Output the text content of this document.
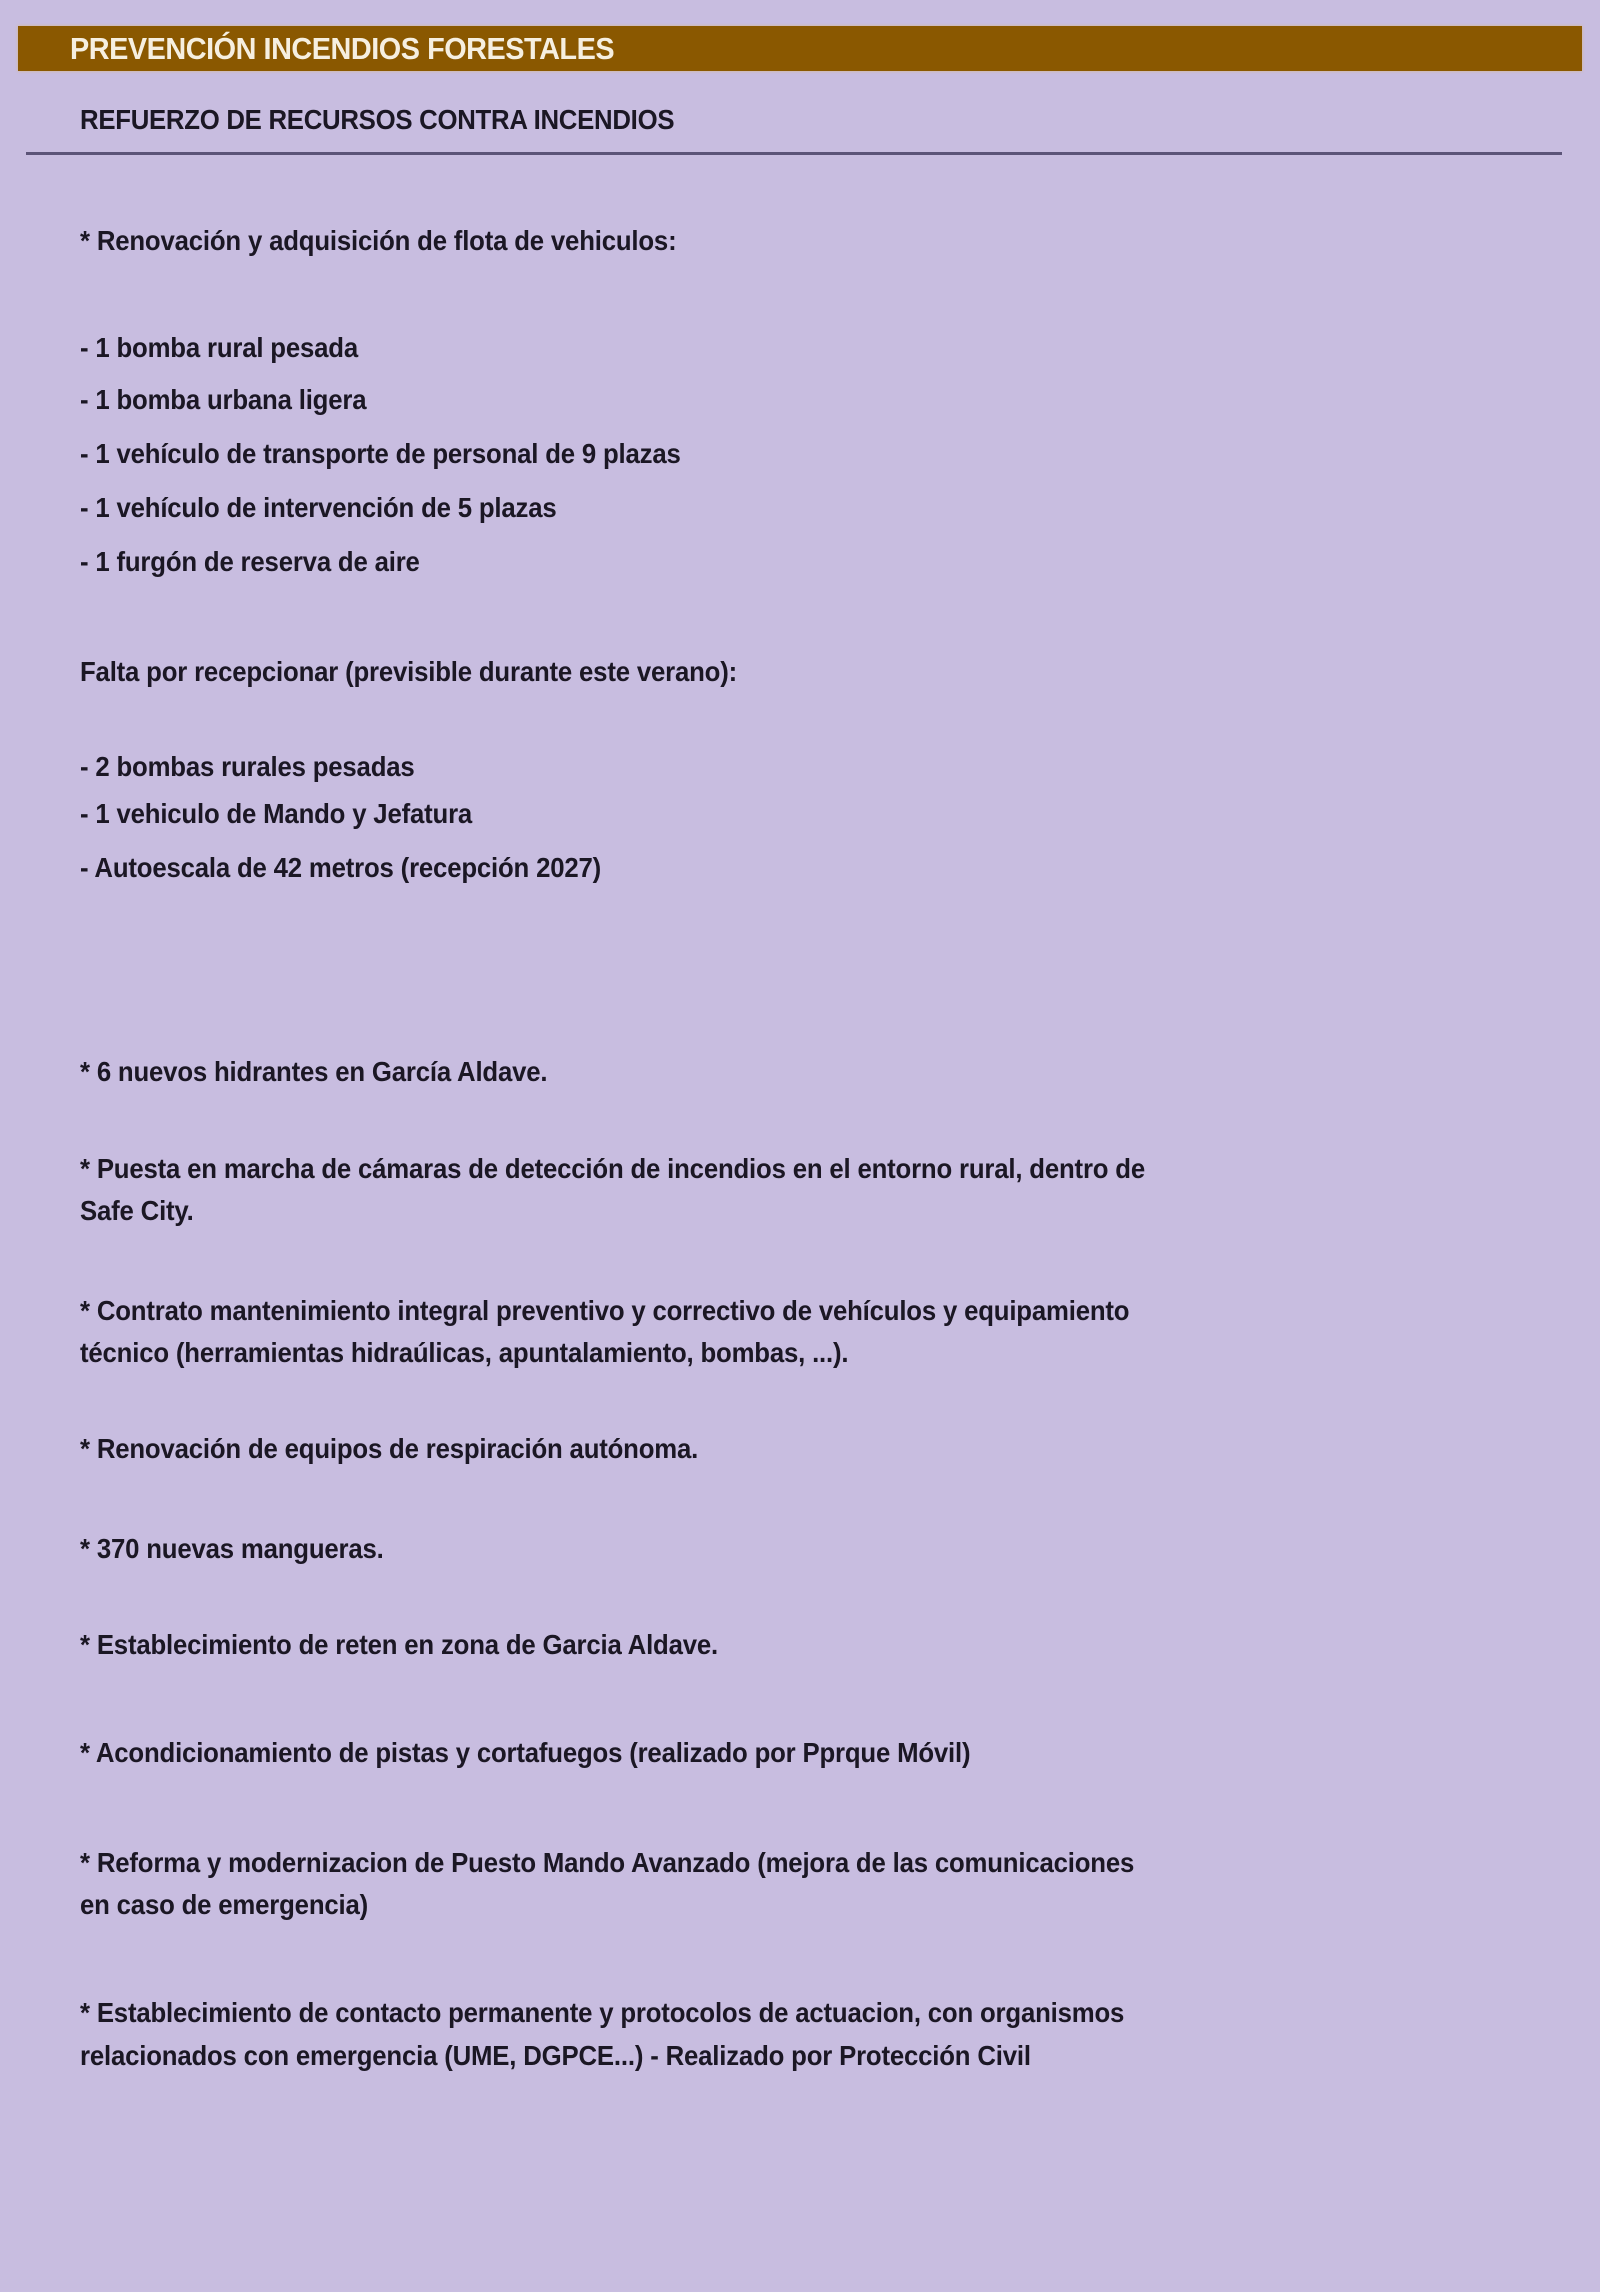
PREVENCIÓN INCENDIOS FORESTALES
REFUERZO DE RECURSOS CONTRA INCENDIOS
* Renovación y adquisición de flota de vehiculos:
- 1 bomba rural pesada
- 1 bomba urbana ligera
- 1 vehículo de transporte de personal de 9 plazas
- 1 vehículo de intervención de 5 plazas
- 1 furgón de reserva de aire
Falta por recepcionar (previsible durante este verano):
- 2 bombas rurales pesadas
- 1 vehiculo de Mando y Jefatura
- Autoescala de 42 metros (recepción 2027)
* 6 nuevos hidrantes en García Aldave.
* Puesta en marcha de cámaras de detección de incendios en el entorno rural, dentro de
Safe City.
* Contrato mantenimiento integral preventivo y correctivo de vehículos y equipamiento
técnico (herramientas hidraúlicas, apuntalamiento, bombas, ...).
* Renovación de equipos de respiración autónoma.
* 370 nuevas mangueras.
* Establecimiento de reten en zona de Garcia Aldave.
* Acondicionamiento de pistas y cortafuegos (realizado por Pprque Móvil)
* Reforma y modernizacion de Puesto Mando Avanzado (mejora de las comunicaciones
en caso de emergencia)
* Establecimiento de contacto permanente y protocolos de actuacion, con organismos
relacionados con emergencia (UME, DGPCE...) - Realizado por Protección Civil
